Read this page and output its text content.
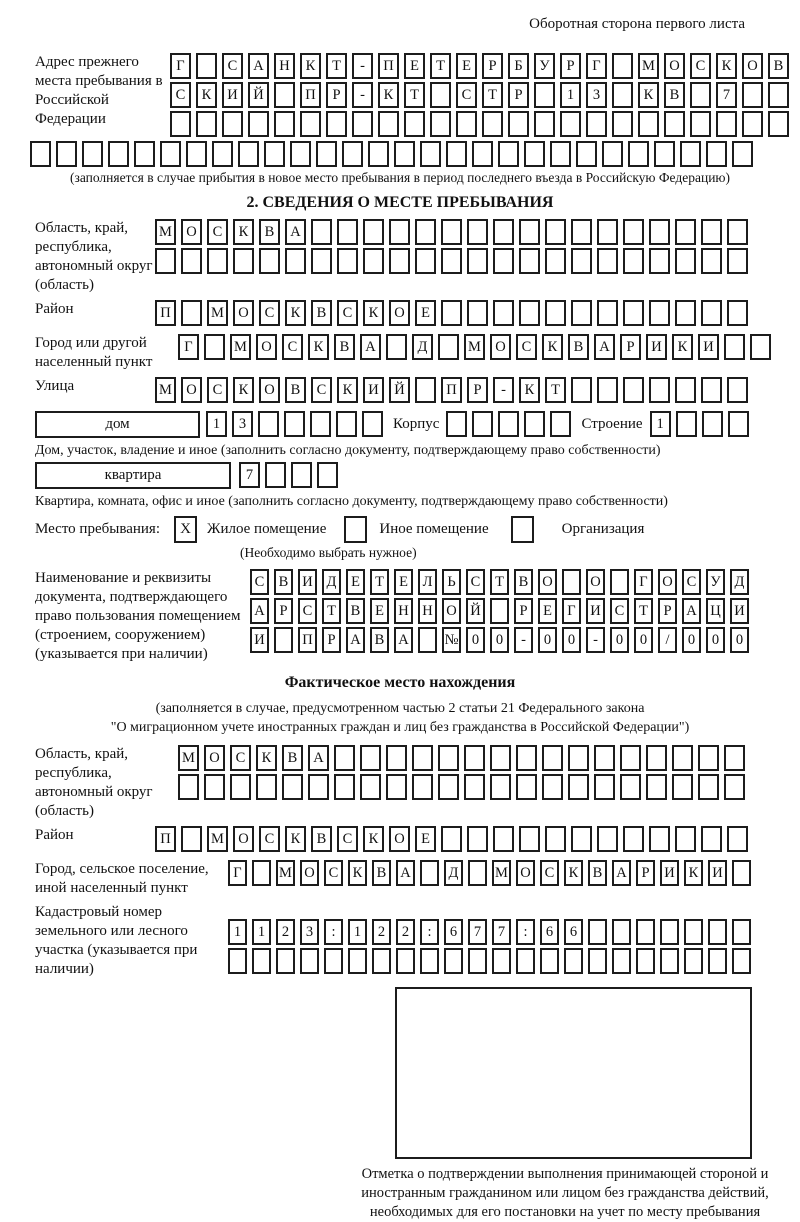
Оборотная сторона первого листа
Адрес прежнего места пребывания в Российской Федерации
Г	С	А	Н	К	Т	-	П	Е	Т	Е	Р	Б	У	Р	Г	М О	С	К	О	В
С	К	И	Й	П	Р	-	К	Т	С	Т	Р	1	3	К	В	7
(заполняется в случае прибытия в новое место пребывания в период последнего въезда в Российскую Федерацию)
2. СВЕДЕНИЯ О МЕСТЕ ПРЕБЫВАНИЯ
Область, край, республика, автономный округ (область)
М О	С	К	В	А
Район	П	М О	С	К	В	С	К	О	Е
Город или другой населенный пункт
Г	М О	С	К	В	А	Д	М О	С	К	В	А	Р	И	К	И
Улица	М О	С	К	О	В	С	К	И	Й	П	Р	-	К	Т
дом	1	3	Корпус	Строение 1
Дом, участок, владение и иное (заполнить согласно документу, подтверждающему право собственности)
квартира	7
Квартира, комната, офис и иное (заполнить согласно документу, подтверждающему право собственности)
Место пребывания:	X	Жилое помещение	Иное помещение	Организация
(Необходимо выбрать нужное)
Наименование и реквизиты документа, подтверждающего право пользования помещением (строением, сооружением) (указывается при наличии)
С В И Д	Е	Т	Е	Л	Ь	С	Т	В О	О	Г	О С У Д
А	Р	С	Т	В	Е Н Н О Й	Р	Е	Г	И С	Т	Р	А Ц И
И	П	Р	А В А № 0	0	-	0	0	-	0	0	/	0	0	0
Фактическое место нахождения
(заполняется в случае, предусмотренном частью 2 статьи 21 Федерального закона
"О миграционном учете иностранных граждан и лиц без гражданства в Российской Федерации")
Область, край, республика, автономный округ (область)
М О	С	К	В	А
Район	П	М О	С	К	В	С	К	О	Е
Город, сельское поселение, иной населенный пункт
Г	М О С К В А	Д	М О С К В А	Р	И К И
Кадастровый номер земельного или лесного участка (указывается при наличии)
1	1	2	3	:	1	2	2	:	6	7	7	:	6	6
Отметка о подтверждении выполнения принимающей стороной и иностранным гражданином или лицом без гражданства действий, необходимых для его постановки на учет по месту пребывания
